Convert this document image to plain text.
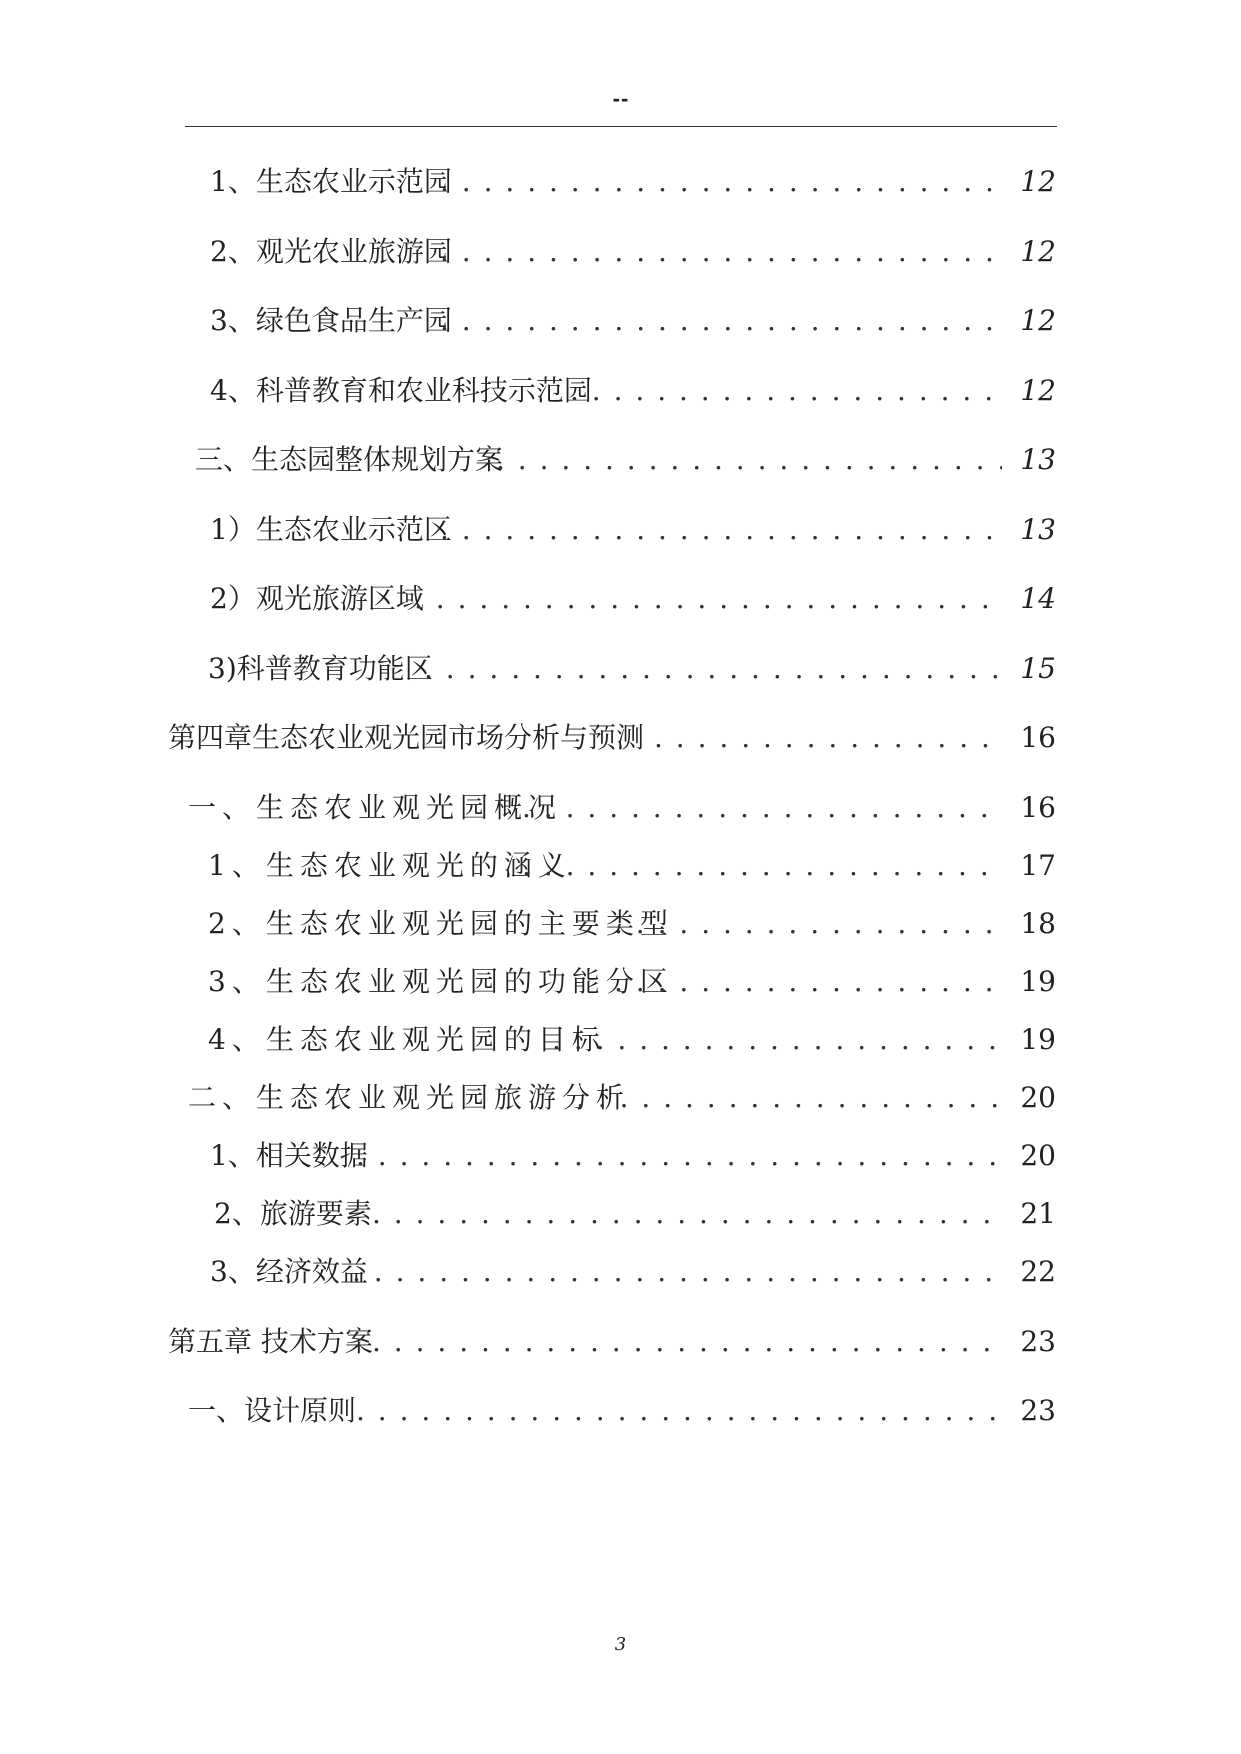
--
1、生态农业示范园 . . .	12
2、观光农业旅游园 . . .	12
3、绿色食品生产园 . . .	12
4、科普教育和农业科技示范园 . . .	12
三、生态园整体规划方案 . . .	13
1）生态农业示范区 . . .	13
2）观光旅游区域 . . .	14
3)科普教育功能区 . . .	15
第四章生态农业观光园市场分析与预测 . . .	16
一、生态农业观光园概况 . . .	16
1、生态农业观光的涵义 . . .	17
2、生态农业观光园的主要类型 . . .	18
3、生态农业观光园的功能分区 . . .	19
4、生态农业观光园的目标 . . .	19
二、生态农业观光园旅游分析 . . .	20
1、相关数据 . . .	20
2、旅游要素 . . .	21
3、经济效益 . . .	22
第五章 技术方案 . . .	23
一、设计原则 . . .	23
3
